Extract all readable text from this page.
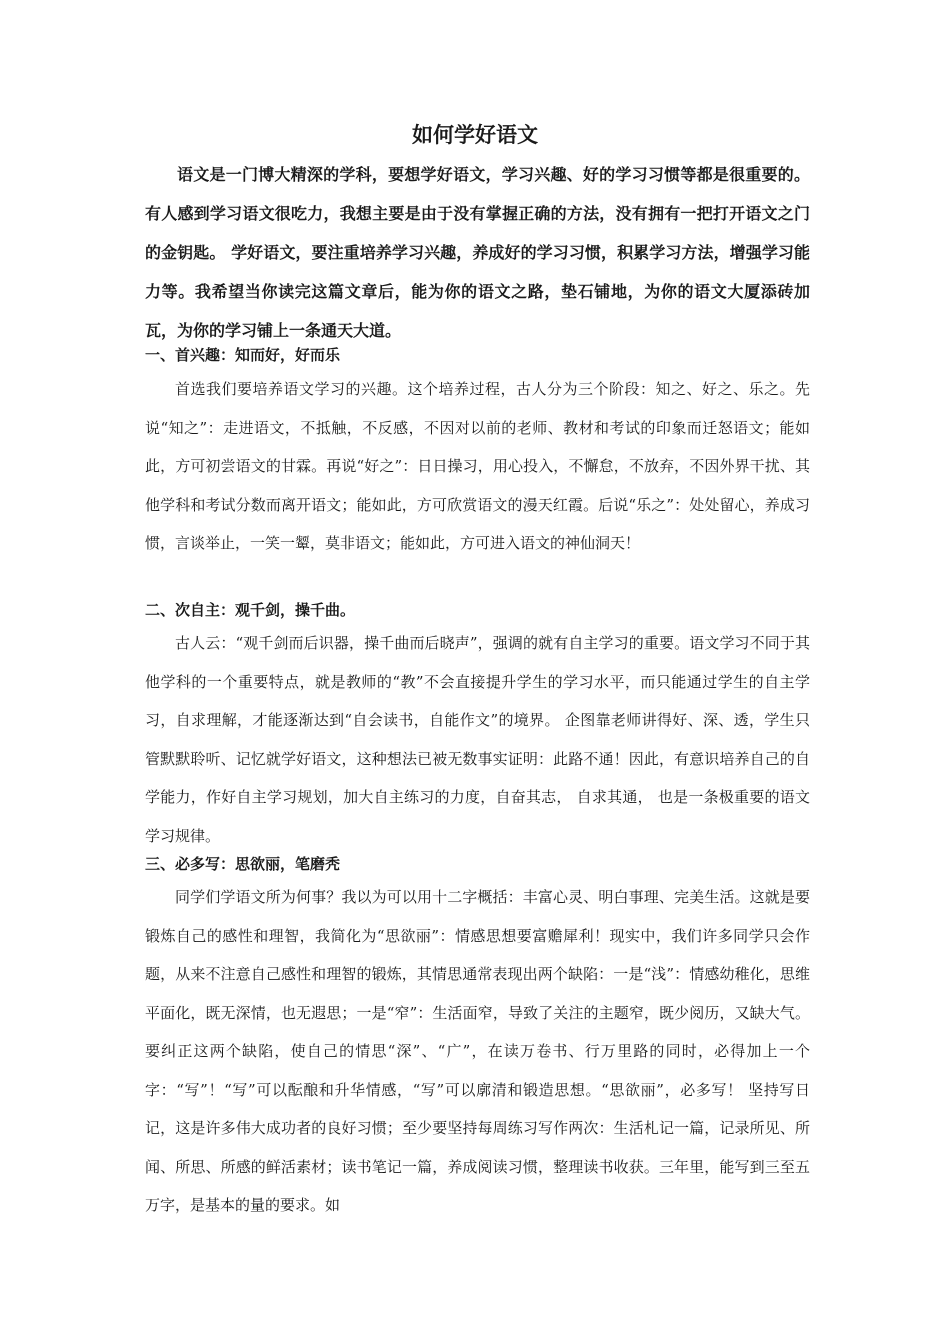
如何学好语文

语文是一门博大精深的学科，要想学好语文，学习兴趣、好的学习习惯等都是很重要的。有人感到学习语文很吃力，我想主要是由于没有掌握正确的方法，没有拥有一把打开语文之门的金钥匙。 学好语文，要注重培养学习兴趣，养成好的学习习惯，积累学习方法，增强学习能力等。我希望当你读完这篇文章后，能为你的语文之路，垫石铺地，为你的语文大厦添砖加瓦，为你的学习铺上一条通天大道。

一、首兴趣：知而好，好而乐

首选我们要培养语文学习的兴趣。这个培养过程，古人分为三个阶段：知之、好之、乐之。先说“知之”：走进语文，不抵触，不反感，不因对以前的老师、教材和考试的印象而迁怒语文；能如此，方可初尝语文的甘霖。再说“好之”：日日操习，用心投入，不懈怠，不放弃，不因外界干扰、其他学科和考试分数而离开语文；能如此，方可欣赏语文的漫天红霞。后说“乐之”：处处留心，养成习惯，言谈举止，一笑一颦，莫非语文；能如此，方可进入语文的神仙洞天！

二、次自主：观千剑，操千曲。

古人云：“观千剑而后识器，操千曲而后晓声”，强调的就有自主学习的重要。语文学习不同于其他学科的一个重要特点，就是教师的“教”不会直接提升学生的学习水平，而只能通过学生的自主学习，自求理解，才能逐渐达到“自会读书，自能作文”的境界。 企图靠老师讲得好、深、透，学生只管默默聆听、记忆就学好语文，这种想法已被无数事实证明：此路不通！因此，有意识培养自己的自学能力，作好自主学习规划，加大自主练习的力度，自奋其志， 自求其通， 也是一条极重要的语文学习规律。

三、必多写：思欲丽，笔磨秃

同学们学语文所为何事？我以为可以用十二字概括：丰富心灵、明白事理、完美生活。这就是要锻炼自己的感性和理智，我简化为“思欲丽”：情感思想要富赡犀利！现实中，我们许多同学只会作题，从来不注意自己感性和理智的锻炼，其情思通常表现出两个缺陷：一是“浅”：情感幼稚化，思维平面化，既无深情，也无遐思；一是“窄”：生活面窄，导致了关注的主题窄，既少阅历，又缺大气。要纠正这两个缺陷，使自己的情思“深”、“广”，在读万卷书、行万里路的同时，必得加上一个字：“写”！“写”可以酝酿和升华情感，“写”可以廓清和锻造思想。“思欲丽”，必多写！ 坚持写日记，这是许多伟大成功者的良好习惯；至少要坚持每周练习写作两次：生活札记一篇，记录所见、所闻、所思、所感的鲜活素材；读书笔记一篇，养成阅读习惯，整理读书收获。三年里，能写到三至五万字，是基本的量的要求。如
